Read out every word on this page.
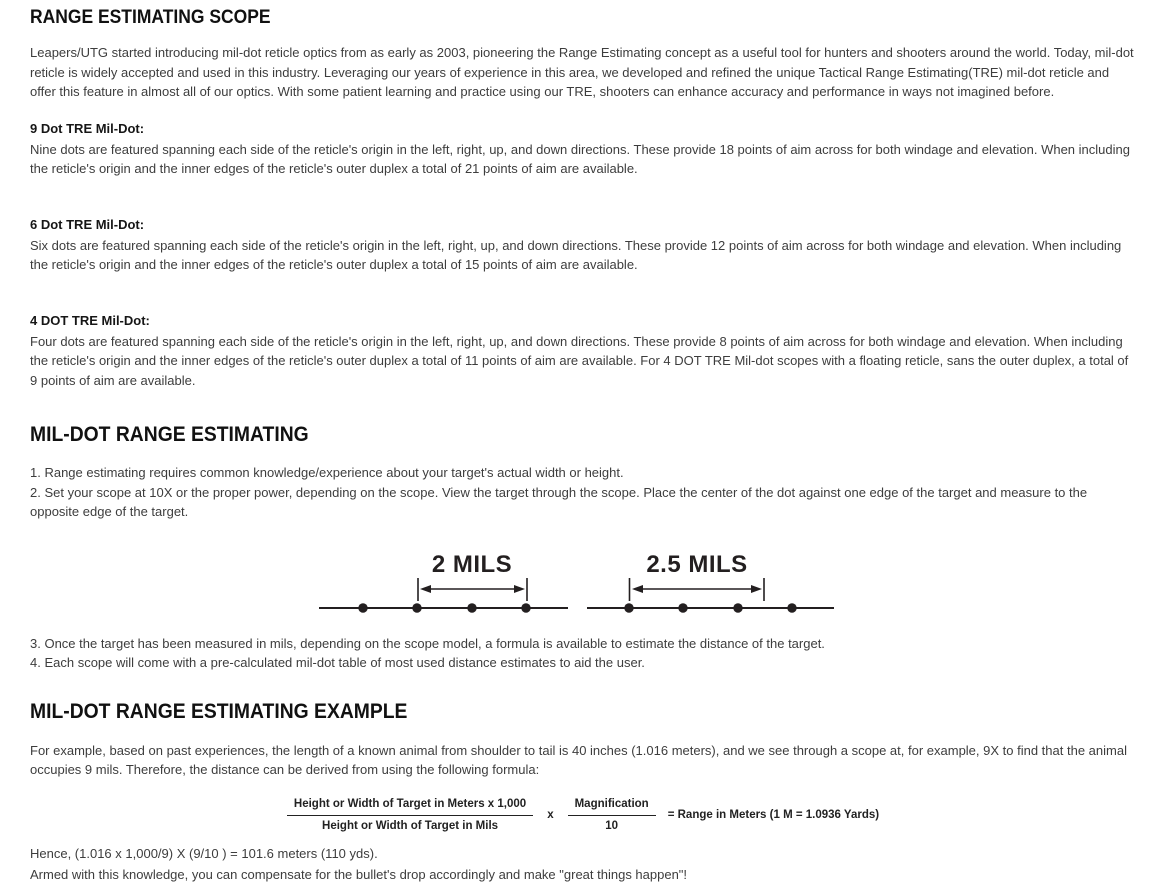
RANGE ESTIMATING SCOPE

Leapers/UTG started introducing mil-dot reticle optics from as early as 2003, pioneering the Range Estimating concept as a useful tool for hunters and shooters around the world. Today, mil-dot reticle is widely accepted and used in this industry. Leveraging our years of experience in this area, we developed and refined the unique Tactical Range Estimating(TRE) mil-dot reticle and offer this feature in almost all of our optics. With some patient learning and practice using our TRE, shooters can enhance accuracy and performance in ways not imagined before.

9 Dot TRE Mil-Dot:

Nine dots are featured spanning each side of the reticle's origin in the left, right, up, and down directions. These provide 18 points of aim across for both windage and elevation. When including the reticle's origin and the inner edges of the reticle's outer duplex a total of 21 points of aim are available.

6 Dot TRE Mil-Dot:

Six dots are featured spanning each side of the reticle's origin in the left, right, up, and down directions. These provide 12 points of aim across for both windage and elevation. When including the reticle's origin and the inner edges of the reticle's outer duplex a total of 15 points of aim are available.

4 DOT TRE Mil-Dot:

Four dots are featured spanning each side of the reticle's origin in the left, right, up, and down directions. These provide 8 points of aim across for both windage and elevation. When including the reticle's origin and the inner edges of the reticle's outer duplex a total of 11 points of aim are available. For 4 DOT TRE Mil-dot scopes with a floating reticle, sans the outer duplex, a total of 9 points of aim are available.

MIL-DOT RANGE ESTIMATING

1. Range estimating requires common knowledge/experience about your target's actual width or height.

2. Set your scope at 10X or the proper power, depending on the scope. View the target through the scope. Place the center of the dot against one edge of the target and measure to the opposite edge of the target.

2 MILS	2.5 MILS

3. Once the target has been measured in mils, depending on the scope model, a formula is available to estimate the distance of the target.

4. Each scope will come with a pre-calculated mil-dot table of most used distance estimates to aid the user.

MIL-DOT RANGE ESTIMATING EXAMPLE

For example, based on past experiences, the length of a known animal from shoulder to tail is 40 inches (1.016 meters), and we see through a scope at, for example, 9X to find that the animal occupies 9 mils. Therefore, the distance can be derived from using the following formula:

$\frac{\text{Height or Width of Target in Meters x 1,000}}{\text{Height or Width of Target in Mils}}$ x $\frac{\text{Magnification}}{10}$ = Range in Meters (1 M = 1.0936 Yards)

Hence, (1.016 x 1,000/9) X (9/10 ) = 101.6 meters (110 yds).

Armed with this knowledge, you can compensate for the bullet's drop accordingly and make "great things happen"!
